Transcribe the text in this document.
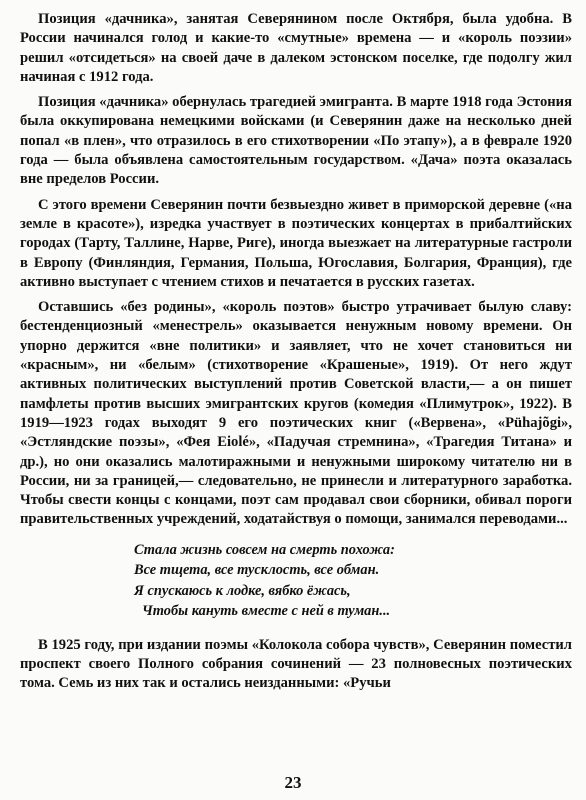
Позиция «дачника», занятая Северянином после Октября, была удобна. В России начинался голод и какие-то «смутные» времена — и «король поэзии» решил «отсидеться» на своей даче в далеком эстонском поселке, где подолгу жил начиная с 1912 года.

Позиция «дачника» обернулась трагедией эмигранта. В марте 1918 года Эстония была оккупирована немецкими войсками (и Северянин даже на несколько дней попал «в плен», что отразилось в его стихотворении «По этапу»), а в феврале 1920 года — была объявлена самостоятельным государством. «Дача» поэта оказалась вне пределов России.

С этого времени Северянин почти безвыездно живет в приморской деревне («на земле в красоте»), изредка участвует в поэтических концертах в прибалтийских городах (Тарту, Таллине, Нарве, Риге), иногда выезжает на литературные гастроли в Европу (Финляндия, Германия, Польша, Югославия, Болгария, Франция), где активно выступает с чтением стихов и печатается в русских газетах.

Оставшись «без родины», «король поэтов» быстро утрачивает былую славу: бестенденциозный «менестрель» оказывается ненужным новому времени. Он упорно держится «вне политики» и заявляет, что не хочет становиться ни «красным», ни «белым» (стихотворение «Крашеные», 1919). От него ждут активных политических выступлений против Советской власти,— а он пишет памфлеты против высших эмигрантских кругов (комедия «Плимутрок», 1922). В 1919—1923 годах выходят 9 его поэтических книг («Вервена», «Pühajõgi», «Эстляндские поэзы», «Фея Eiolé», «Падучая стремнина», «Трагедия Титана» и др.), но они оказались малотиражными и ненужными широкому читателю ни в России, ни за границей,— следовательно, не принесли и литературного заработка. Чтобы свести концы с концами, поэт сам продавал свои сборники, обивал пороги правительственных учреждений, ходатайствуя о помощи, занимался переводами...

Стала жизнь совсем на смерть похожа:
Все тщета, все тусклость, все обман.
Я спускаюсь к лодке, вябко ёжась,
Чтобы кануть вместе с ней в туман...

В 1925 году, при издании поэмы «Колокола собора чувств», Северянин поместил проспект своего Полного собрания сочинений — 23 полновесных поэтических тома. Семь из них так и остались неизданными: «Ручьи

23
